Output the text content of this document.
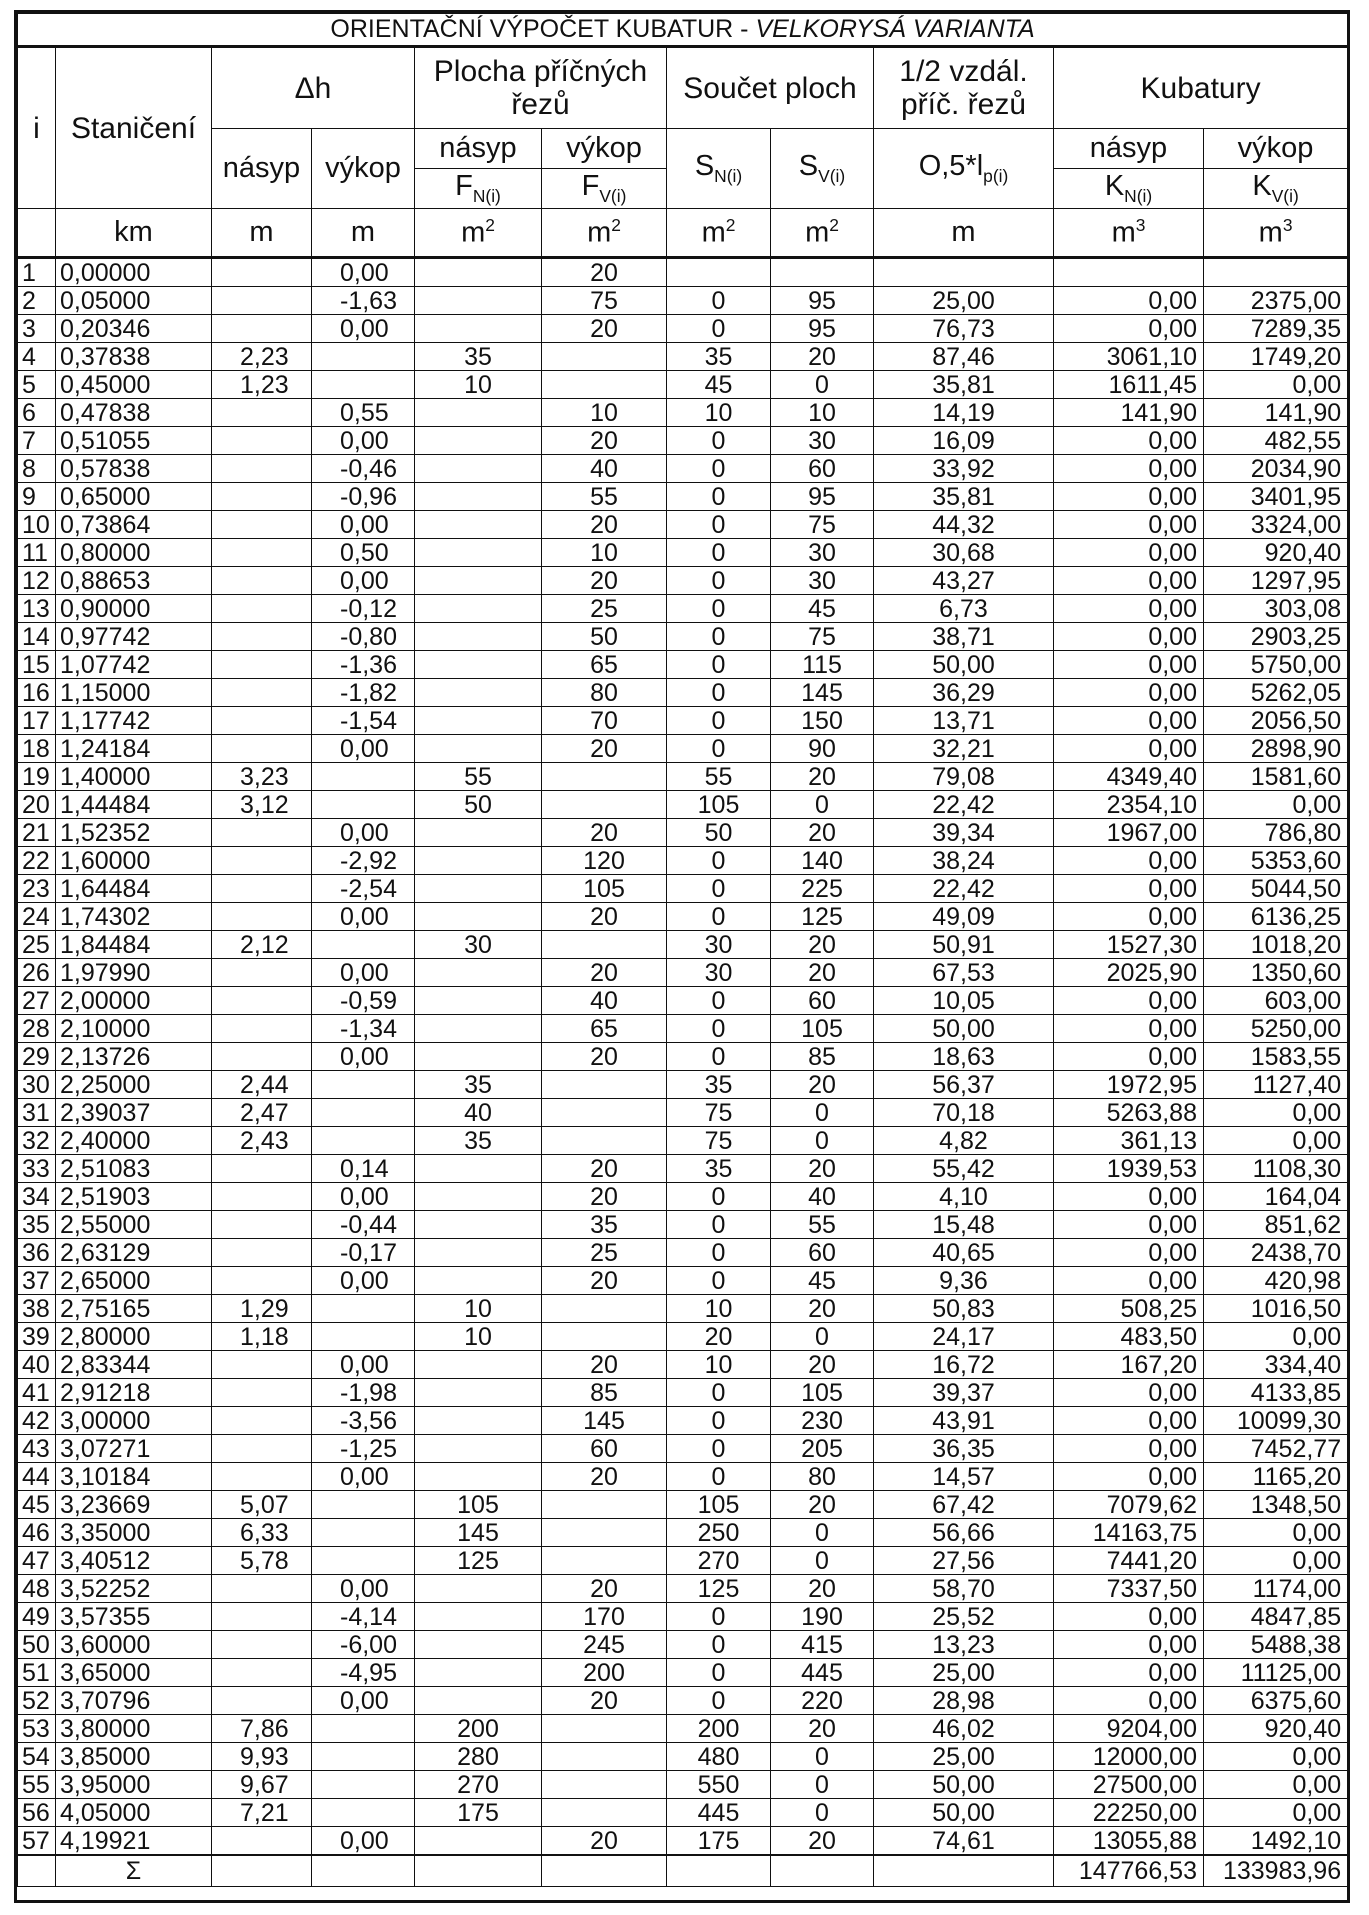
ORIENTAČNÍ VÝPOČET KUBATUR - VELKORYSÁ VARIANTA										
i	Staničení	Δh		Plocha příčných řezů		Součet ploch		1/2 vzdál. příč. řezů	Kubatury	
		násyp	výkop	násyp	výkop	$S_{N(i)}$	$S_{V(i)}$	$O,5*l_{p(i)}$	násyp	výkop
				$F_{N(i)}$	$F_{V(i)}$				$K_{N(i)}$	$K_{V(i)}$
	km	m	m	$m^2$	$m^2$	$m^2$	$m^2$	m	$m^3$	$m^3$
1	0,00000		0,00		20					
2	0,05000		-1,63		75	0	95	25,00	0,00	2375,00
3	0,20346		0,00		20	0	95	76,73	0,00	7289,35
4	0,37838	2,23		35		35	20	87,46	3061,10	1749,20
5	0,45000	1,23		10		45	0	35,81	1611,45	0,00
6	0,47838		0,55		10	10	10	14,19	141,90	141,90
7	0,51055		0,00		20	0	30	16,09	0,00	482,55
8	0,57838		-0,46		40	0	60	33,92	0,00	2034,90
9	0,65000		-0,96		55	0	95	35,81	0,00	3401,95
10	0,73864		0,00		20	0	75	44,32	0,00	3324,00
11	0,80000		0,50		10	0	30	30,68	0,00	920,40
12	0,88653		0,00		20	0	30	43,27	0,00	1297,95
13	0,90000		-0,12		25	0	45	6,73	0,00	303,08
14	0,97742		-0,80		50	0	75	38,71	0,00	2903,25
15	1,07742		-1,36		65	0	115	50,00	0,00	5750,00
16	1,15000		-1,82		80	0	145	36,29	0,00	5262,05
17	1,17742		-1,54		70	0	150	13,71	0,00	2056,50
18	1,24184		0,00		20	0	90	32,21	0,00	2898,90
19	1,40000	3,23		55		55	20	79,08	4349,40	1581,60
20	1,44484	3,12		50		105	0	22,42	2354,10	0,00
21	1,52352		0,00		20	50	20	39,34	1967,00	786,80
22	1,60000		-2,92		120	0	140	38,24	0,00	5353,60
23	1,64484		-2,54		105	0	225	22,42	0,00	5044,50
24	1,74302		0,00		20	0	125	49,09	0,00	6136,25
25	1,84484	2,12		30		30	20	50,91	1527,30	1018,20
26	1,97990		0,00		20	30	20	67,53	2025,90	1350,60
27	2,00000		-0,59		40	0	60	10,05	0,00	603,00
28	2,10000		-1,34		65	0	105	50,00	0,00	5250,00
29	2,13726		0,00		20	0	85	18,63	0,00	1583,55
30	2,25000	2,44		35		35	20	56,37	1972,95	1127,40
31	2,39037	2,47		40		75	0	70,18	5263,88	0,00
32	2,40000	2,43		35		75	0	4,82	361,13	0,00
33	2,51083		0,14		20	35	20	55,42	1939,53	1108,30
34	2,51903		0,00		20	0	40	4,10	0,00	164,04
35	2,55000		-0,44		35	0	55	15,48	0,00	851,62
36	2,63129		-0,17		25	0	60	40,65	0,00	2438,70
37	2,65000		0,00		20	0	45	9,36	0,00	420,98
38	2,75165	1,29		10		10	20	50,83	508,25	1016,50
39	2,80000	1,18		10		20	0	24,17	483,50	0,00
40	2,83344		0,00		20	10	20	16,72	167,20	334,40
41	2,91218		-1,98		85	0	105	39,37	0,00	4133,85
42	3,00000		-3,56		145	0	230	43,91	0,00	10099,30
43	3,07271		-1,25		60	0	205	36,35	0,00	7452,77
44	3,10184		0,00		20	0	80	14,57	0,00	1165,20
45	3,23669	5,07		105		105	20	67,42	7079,62	1348,50
46	3,35000	6,33		145		250	0	56,66	14163,75	0,00
47	3,40512	5,78		125		270	0	27,56	7441,20	0,00
48	3,52252		0,00		20	125	20	58,70	7337,50	1174,00
49	3,57355		-4,14		170	0	190	25,52	0,00	4847,85
50	3,60000		-6,00		245	0	415	13,23	0,00	5488,38
51	3,65000		-4,95		200	0	445	25,00	0,00	11125,00
52	3,70796		0,00		20	0	220	28,98	0,00	6375,60
53	3,80000	7,86		200		200	20	46,02	9204,00	920,40
54	3,85000	9,93		280		480	0	25,00	12000,00	0,00
55	3,95000	9,67		270		550	0	50,00	27500,00	0,00
56	4,05000	7,21		175		445	0	50,00	22250,00	0,00
57	4,19921		0,00		20	175	20	74,61	13055,88	1492,10
	Σ								147766,53	133983,96
